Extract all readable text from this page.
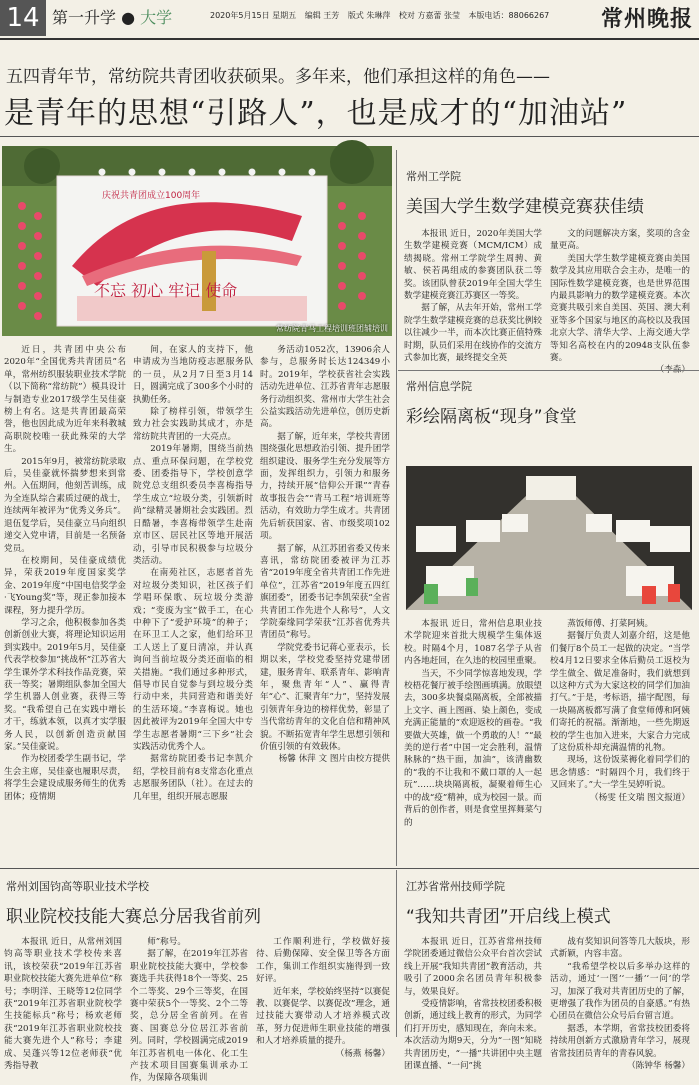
14 第一升学 ● 大学	2020年5月15日 星期五 编辑 王芳 版式 朱琳萍 校对 方嘉蕾 张莹 本版电话：88066267 常州晚报
五四青年节，常纺院共青团收获硕果。多年来，他们承担这样的角色——
是青年的思想“引路人”，也是成才的“加油站”
庆祝共青团成立100周年
不忘 初心 牢记 使命
常纺院青马工程培训班团辅培训

近日，共青团中央公布2020年“全国优秀共青团员”名单，常州纺织服装职业技术学院（以下简称“常纺院”）模具设计与制造专业2017级学生吴佳豪榜上有名。这是共青团最高荣誉，他也因此成为近年来科教城高职院校唯一获此殊荣的大学生。

2015年9月，被常纺院录取后，吴佳豪就怀揣梦想来到常州。入伍期间，他刻苦训练，成为全连队综合素质过硬的战士，连续两年被评为“优秀义务兵”。退伍复学后，吴佳豪立马向组织递交入党申请，目前是一名预备党员。

在校期间，吴佳豪成绩优异，荣获2019年度国家奖学金、2019年度“中国电信奖学金·飞Young奖”等，现正参加接本课程，努力提升学历。

学习之余，他积极参加各类创新创业大赛，将理论知识运用到实践中。2019年5月，吴佳豪代表学校参加“挑战杯”江苏省大学生课外学术科技作品竞赛，荣获一等奖；暑期组队参加全国大学生机器人创业赛，获得三等奖。“我希望自己在实践中增长才干，练就本领，以真才实学服务人民，以创新创造贡献国家。”吴佳豪说。

作为校团委学生副书记，学生会主席，吴佳豪也履职尽责，将学生会建设成服务师生的优秀团体；疫情期

间，在家人的支持下，他申请成为当地防疫志愿服务队的一员，从2月7日至3月14日，圆满完成了300多个小时的执勤任务。

除了榜样引领，带领学生致力社会实践助其成才，亦是常纺院共青团的一大亮点。

2019年暑期，围绕当前热点、重点环保问题，在学校党委、团委指导下，学校创意学院党总支组织委员李喜梅指导学生成立“垃圾分类，引领新时尚”绿精灵暑期社会实践团。烈日酷暑，李喜梅带领学生赴南京市区、居民社区等地开展活动，引导市民积极参与垃圾分类活动。

在南苑社区，志愿者首先对垃圾分类知识，社区孩子们学唱环保歌、玩垃圾分类游戏；“变废为宝”做手工，在心中种下了“爱护环境”的种子；在环卫工人之家，他们给环卫工人送上了夏日清凉，并认真询问当前垃圾分类还面临的相关措施。“我们通过多种形式，倡导市民自觉参与到垃圾分类行动中来，共同营造和谐美好的生活环境。”李喜梅说。她也因此被评为2019年全国大中专学生志愿者暑期“三下乡”社会实践活动优秀个人。

据常纺院团委书记李凯介绍，学校目前有8支常态化重点志愿服务团队（社）。在过去的几年里，组织开展志愿服

务活动1052次，13906余人参与，总服务时长达124349小时。2019年，学校获省社会实践活动先进单位、江苏省青年志愿服务行动组织奖、常州市大学生社会公益实践活动先进单位，创历史新高。

据了解，近年来，学校共青团围绕强化思想政治引领、提升团学组织建设、服务学生充分发展等方面，发挥组织力，引领力和服务力，持续开展“信仰公开课”“青春故事报告会”“青马工程”培训班等活动，有效助力学生成才。共青团先后斩获国家、省、市级奖项102项。

据了解，从江苏团省委又传来喜讯，常纺院团委被评为江苏省“2019年度全省共青团工作先进单位”，江苏省“2019年度五四红旗团委”，团委书记李凯荣获“全省共青团工作先进个人称号”，人文学院秦缘同学荣获“江苏省优秀共青团员”称号。

学院党委书记蒋心亚表示，长期以来，学校党委坚持党建带团建，服务青年、联系青年、影响青年，聚焦青年“人”、赢得青年“心”、汇聚青年“力”，坚持发展引领青年身边的榜样优势，彰显了当代常纺青年的文化自信和精神风貌。不断拓宽青年学生思想引领和价值引领的有效载体。

杨馨 休萍 文 图片由校方提供

常州工学院
美国大学生数学建模竞赛获佳绩

本报讯 近日，2020年美国大学生数学建模竞赛（MCM/ICM）成绩揭晓。常州工学院学生周骋、黄敏、侯若禺组成的参赛团队获二等奖。该团队曾获2019年全国大学生数学建模竞赛江苏赛区一等奖。

据了解，从去年开始，常州工学院学生数学建模竞赛的总获奖比例较以往减少一半，而本次比赛正值特殊时期，队员们采用在线协作的交流方式参加比赛，最终提交全英

文的问题解决方案，奖项的含金量更高。

美国大学生数学建模竞赛由美国数学及其应用联合会主办，是唯一的国际性数学建模竞赛，也是世界范围内最具影响力的数学建模竞赛。本次竞赛共吸引来自美国、英国、澳大利亚等多个国家与地区的高校以及我国北京大学、清华大学、上海交通大学等知名高校在内的20948支队伍参赛。

常州信息学院
彩绘隔离板“现身”食堂

本报讯 近日，常州信息职业技术学院迎来首批大规模学生集体返校。时隔4个月，1087名学子从省内各地赶回，在久违的校园里重聚。

当天，不少同学惊喜地发现，学校梧花餐厅被手绘图画填满。放眼望去，300多块餐桌隔离板，全部被描上文字、画上图画、染上颜色，变成充满正能量的“欢迎返校的画卷。“我要做大英雄，做一个勇敢的人！”“最美的逆行者”中国一定会胜利，温情脉脉的“热干面，加油”，该清幽数的“我的不让我和不戴口罩的人一起玩”……块块隔离板，凝聚着师生心中的战“疫”精神，成为校园一景。而背后的创作者，则是食堂里挥舞菜勺的

蒸饭师傅、打菜阿姨。

据餐厅负责人刘嘉介绍，这是他们餐厅8个员工一起做的决定。“当学校4月12日要求全体后勤员工返校为学生做全、做足准备时，我们就想到以这种方式为大家这校的同学们加油打气。”于是，考标语，描字配图，每一块隔离板都写满了食堂师傅和阿姨们寄托的祝福。渐渐地，一些先期返校的学生也加入进来，大家合力完成了这份质朴却充满温情的礼物。

现场，这份饭菜褥化着同学们的思念情感：“时隔四个月，我们终于又回来了。”大一学生吴婷听说。

（杨雯 任文瑞 图文报道）

常州刘国钧高等职业技术学校
职业院校技能大赛总分居我省前列

本报讯 近日，从常州刘国钧高等职业技术学校传来喜讯，该校荣获“2019年江苏省职业院校技能大赛先进单位”称号；李明洋、王晓等12位同学获“2019年江苏省职业院校学生技能标兵”称号；杨欢老师获“2019年江苏省职业院校技能大赛先进个人”称号；李建成、吴蓬兴等12位老师获“优秀指导教

师”称号。

据了解，在2019年江苏省职业院校技能大赛中，学校参赛选手共获得18个一等奖、25个二等奖、29个三等奖，在国赛中荣获5个一等奖、2个二等奖，总分居全省前列。在省赛、国赛总分位居江苏省前列。同时，学校圆满完成2019年江苏省机电一体化、化工生产技术项目国赛集训承办工作，为保障各项集训

工作顺利进行，学校做好接待、后勤保障、安全保卫等各方面工作，集训工作组织实施得到一致好评。

近年来，学校始终坚持“以赛促教、以赛促学、以赛促改”理念，通过技能大赛带动人才培养模式改革，努力促进师生职业技能的增强和人才培养质量的提升。

（杨燕 杨馨）

江苏省常州技师学院
“我知共青团”开启线上模式

本报讯 近日，江苏省常州技师学院团委通过微信公众平台首次尝试线上开展“我知共青团”教育活动，共吸引了2000余名团员青年积极参与，效果良好。

受疫情影响，省常技校团委积极创新，通过线上教育的形式，为同学们打开历史，感知现在，奔向未来。本次活动为期9天，分为“一图”知晓共青团历史，“一播”共讲团中央主题团课直播、“一问”挑

战有奖知识问答等几大版块，形式新颖，内容丰富。

“我希望学校以后多举办这样的活动，通过‘一图’‘一播’‘一问’的学习，加深了我对共青团历史的了解，更增强了我作为团员的自豪感。”有热心团员在微信公众号后台留言道。

据悉，本学期，省常技校团委将持续用创新方式激励青年学习，展现省常技团员青年的青春风貌。

（陈钟华 杨馨）
